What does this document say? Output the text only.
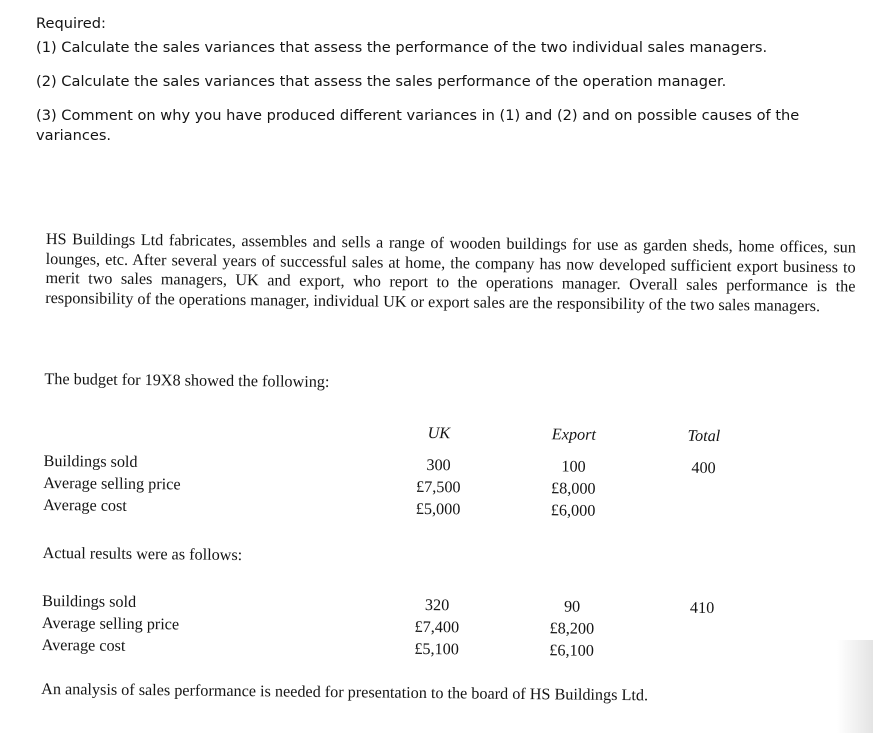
Required:
(1) Calculate the sales variances that assess the performance of the two individual sales managers.
(2) Calculate the sales variances that assess the sales performance of the operation manager.
(3) Comment on why you have produced different variances in (1) and (2) and on possible causes of the variances.
HS Buildings Ltd fabricates, assembles and sells a range of wooden buildings for use as garden sheds, home offices, sun lounges, etc. After several years of successful sales at home, the company has now developed sufficient export business to merit two sales managers, UK and export, who report to the operations manager. Overall sales performance is the responsibility of the operations manager, individual UK or export sales are the responsibility of the two sales managers.
The budget for 19X8 showed the following:
UK	Export	Total
Buildings sold	300	100	400
Average selling price	£7,500	£8,000
Average cost	£5,000	£6,000
Actual results were as follows:
Buildings sold	320	90	410
Average selling price	£7,400	£8,200
Average cost	£5,100	£6,100
An analysis of sales performance is needed for presentation to the board of HS Buildings Ltd.
